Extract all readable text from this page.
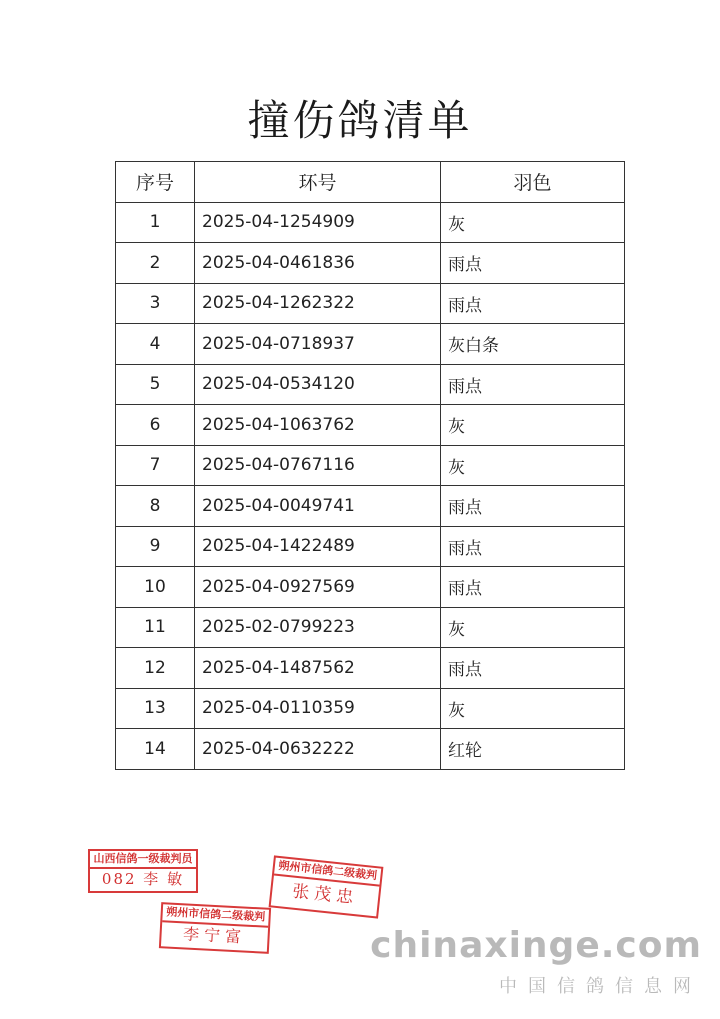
撞伤鸽清单
序号	环号	羽色
1	2025-04-1254909	灰
2	2025-04-0461836	雨点
3	2025-04-1262322	雨点
4	2025-04-0718937	灰白条
5	2025-04-0534120	雨点
6	2025-04-1063762	灰
7	2025-04-0767116	灰
8	2025-04-0049741	雨点
9	2025-04-1422489	雨点
10	2025-04-0927569	雨点
11	2025-02-0799223	灰
12	2025-04-1487562	雨点
13	2025-04-0110359	灰
14	2025-04-0632222	红轮
山西信鸽一级裁判员
082 李 敏	朔州市信鸽二级裁判
张茂忠
朔州市信鸽二级裁判
李宁富	chinaxinge.com
中国信鸽信息网
